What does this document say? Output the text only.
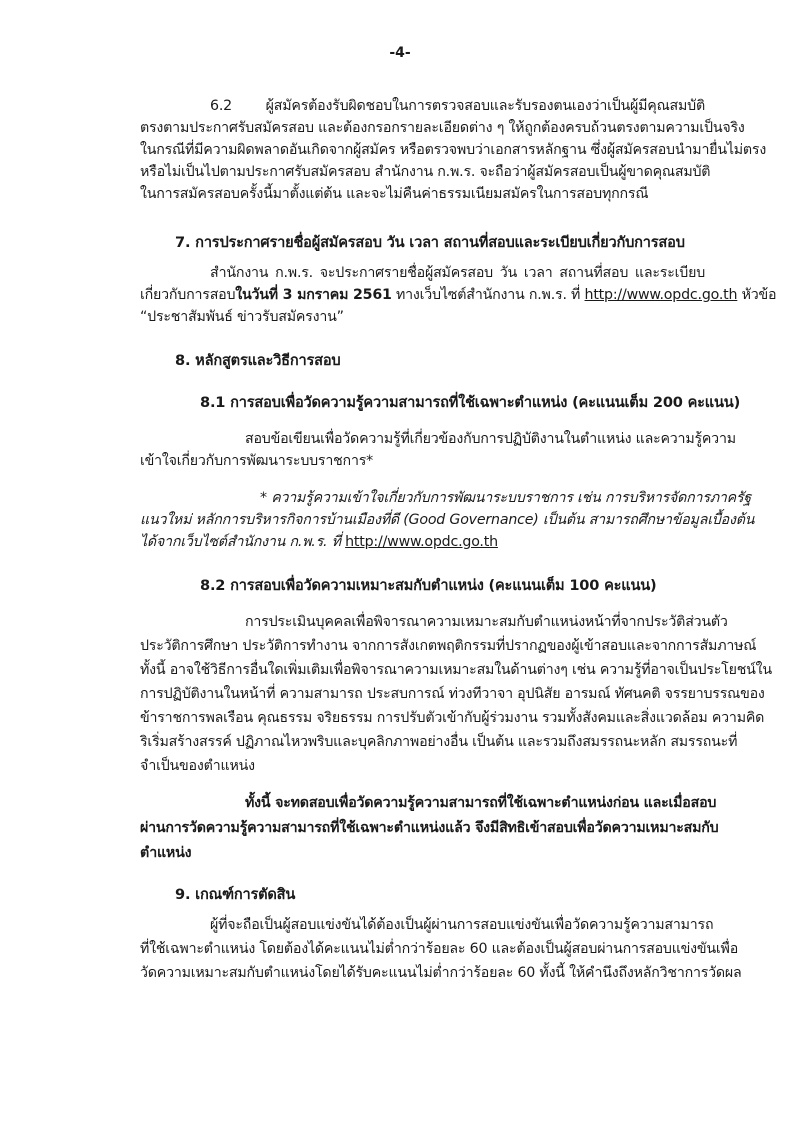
-4-
6.2 ผู้สมัครต้องรับผิดชอบในการตรวจสอบและรับรองตนเองว่าเป็นผู้มีคุณสมบัติ
ตรงตามประกาศรับสมัครสอบ และต้องกรอกรายละเอียดต่าง ๆ ให้ถูกต้องครบถ้วนตรงตามความเป็นจริง
ในกรณีที่มีความผิดพลาดอันเกิดจากผู้สมัคร หรือตรวจพบว่าเอกสารหลักฐาน ซึ่งผู้สมัครสอบนำมายื่นไม่ตรง
หรือไม่เป็นไปตามประกาศรับสมัครสอบ สำนักงาน ก.พ.ร. จะถือว่าผู้สมัครสอบเป็นผู้ขาดคุณสมบัติ
ในการสมัครสอบครั้งนี้มาตั้งแต่ต้น และจะไม่คืนค่าธรรมเนียมสมัครในการสอบทุกกรณี
7. การประกาศรายชื่อผู้สมัครสอบ วัน เวลา สถานที่สอบและระเบียบเกี่ยวกับการสอบ
สำนักงาน ก.พ.ร. จะประกาศรายชื่อผู้สมัครสอบ วัน เวลา สถานที่สอบ และระเบียบ
เกี่ยวกับการสอบในวันที่ 3 มกราคม 2561 ทางเว็บไซต์สำนักงาน ก.พ.ร. ที่ http://www.opdc.go.th หัวข้อ
“ประชาสัมพันธ์ ข่าวรับสมัครงาน”
8. หลักสูตรและวิธีการสอบ
8.1 การสอบเพื่อวัดความรู้ความสามารถที่ใช้เฉพาะตำแหน่ง (คะแนนเต็ม 200 คะแนน)
สอบข้อเขียนเพื่อวัดความรู้ที่เกี่ยวข้องกับการปฏิบัติงานในตำแหน่ง และความรู้ความ
เข้าใจเกี่ยวกับการพัฒนาระบบราชการ*
* ความรู้ความเข้าใจเกี่ยวกับการพัฒนาระบบราชการ เช่น การบริหารจัดการภาครัฐ
แนวใหม่ หลักการบริหารกิจการบ้านเมืองที่ดี (Good Governance) เป็นต้น สามารถศึกษาข้อมูลเบื้องต้น
ได้จากเว็บไซต์สำนักงาน ก.พ.ร. ที่ http://www.opdc.go.th
8.2 การสอบเพื่อวัดความเหมาะสมกับตำแหน่ง (คะแนนเต็ม 100 คะแนน)
การประเมินบุคคลเพื่อพิจารณาความเหมาะสมกับตำแหน่งหน้าที่จากประวัติส่วนตัว
ประวัติการศึกษา ประวัติการทำงาน จากการสังเกตพฤติกรรมที่ปรากฏของผู้เข้าสอบและจากการสัมภาษณ์
ทั้งนี้ อาจใช้วิธีการอื่นใดเพิ่มเติมเพื่อพิจารณาความเหมาะสมในด้านต่างๆ เช่น ความรู้ที่อาจเป็นประโยชน์ใน
การปฏิบัติงานในหน้าที่ ความสามารถ ประสบการณ์ ท่วงทีวาจา อุปนิสัย อารมณ์ ทัศนคติ จรรยาบรรณของ
ข้าราชการพลเรือน คุณธรรม จริยธรรม การปรับตัวเข้ากับผู้ร่วมงาน รวมทั้งสังคมและสิ่งแวดล้อม ความคิด
ริเริ่มสร้างสรรค์ ปฏิภาณไหวพริบและบุคลิกภาพอย่างอื่น เป็นต้น และรวมถึงสมรรถนะหลัก สมรรถนะที่
จำเป็นของตำแหน่ง
ทั้งนี้ จะทดสอบเพื่อวัดความรู้ความสามารถที่ใช้เฉพาะตำแหน่งก่อน และเมื่อสอบ
ผ่านการวัดความรู้ความสามารถที่ใช้เฉพาะตำแหน่งแล้ว จึงมีสิทธิเข้าสอบเพื่อวัดความเหมาะสมกับ
ตำแหน่ง
9. เกณฑ์การตัดสิน
ผู้ที่จะถือเป็นผู้สอบแข่งขันได้ต้องเป็นผู้ผ่านการสอบแข่งขันเพื่อวัดความรู้ความสามารถ
ที่ใช้เฉพาะตำแหน่ง โดยต้องได้คะแนนไม่ต่ำกว่าร้อยละ 60 และต้องเป็นผู้สอบผ่านการสอบแข่งขันเพื่อ
วัดความเหมาะสมกับตำแหน่งโดยได้รับคะแนนไม่ต่ำกว่าร้อยละ 60 ทั้งนี้ ให้คำนึงถึงหลักวิชาการวัดผล
